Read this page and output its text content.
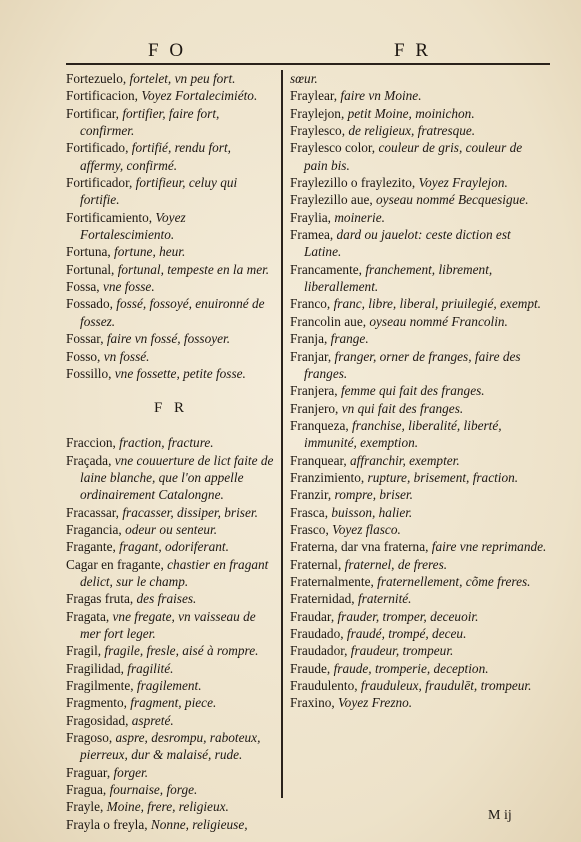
F O	F R

Fortezuelo, fortelet, vn peu fort.

Fortificacion, Voyez Fortalecimiéto.

Fortificar, fortifier, faire fort, confirmer.

Fortificado, fortifié, rendu fort, affermy, confirmé.

Fortificador, fortifieur, celuy qui fortifie.

Fortificamiento, Voyez Fortalescimiento.

Fortuna, fortune, heur.

Fortunal, fortunal, tempeste en la mer.

Fossa, vne fosse.

Fossado, fossé, fossoyé, enuironné de fossez.

Fossar, faire vn fossé, fossoyer.

Fosso, vn fossé.

Fossillo, vne fossette, petite fosse.

F R

Fraccion, fraction, fracture.

Fraçada, vne couuerture de lict faite de laine blanche, que l'on appelle ordinairement Catalongne.

Fracassar, fracasser, dissiper, briser.

Fragancia, odeur ou senteur.

Fragante, fragant, odoriferant.

Cagar en fragante, chastier en fragant delict, sur le champ.

Fragas fruta, des fraises.

Fragata, vne fregate, vn vaisseau de mer fort leger.

Fragil, fragile, fresle, aisé à rompre.

Fragilidad, fragilité.

Fragilmente, fragilement.

Fragmento, fragment, piece.

Fragosidad, aspreté.

Fragoso, aspre, desrompu, raboteux, pierreux, dur & malaisé, rude.

Fraguar, forger.

Fragua, fournaise, forge.

Frayle, Moine, frere, religieux.

Frayla o freyla, Nonne, religieuse,

sœur.

Fraylear, faire vn Moine.

Fraylejon, petit Moine, moinichon.

Fraylesco, de religieux, fratresque.

Fraylesco color, couleur de gris, couleur de pain bis.

Fraylezillo o fraylezito, Voyez Fraylejon.

Fraylezillo aue, oyseau nommé Becquesigue.

Fraylia, moinerie.

Framea, dard ou jauelot: ceste diction est Latine.

Francamente, franchement, librement, liberallement.

Franco, franc, libre, liberal, priuilegié, exempt.

Francolin aue, oyseau nommé Francolin.

Franja, frange.

Franjar, franger, orner de franges, faire des franges.

Franjera, femme qui fait des franges.

Franjero, vn qui fait des franges.

Franqueza, franchise, liberalité, liberté, immunité, exemption.

Franquear, affranchir, exempter.

Franzimiento, rupture, brisement, fraction.

Franzir, rompre, briser.

Frasca, buisson, halier.

Frasco, Voyez flasco.

Fraterna, dar vna fraterna, faire vne reprimande.

Fraternal, fraternel, de freres.

Fraternalmente, fraternellement, cõme freres.

Fraternidad, fraternité.

Fraudar, frauder, tromper, deceuoir.

Fraudado, fraudé, trompé, deceu.

Fraudador, fraudeur, trompeur.

Fraude, fraude, tromperie, deception.

Fraudulento, frauduleux, fraudulēt, trompeur.

Fraxino, Voyez Frezno.

M ij
